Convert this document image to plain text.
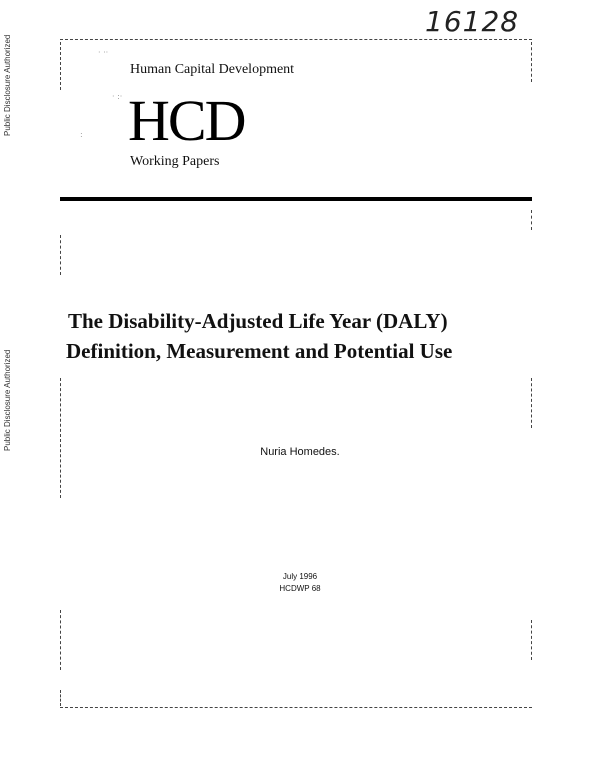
Public Disclosure Authorized
Public Disclosure Authorized
16128
· ··
· :·
:
Human Capital Development
HCD
Working Papers
The Disability-Adjusted Life Year (DALY)
Definition, Measurement and Potential Use
Nuria Homedes.
July 1996
HCDWP 68
